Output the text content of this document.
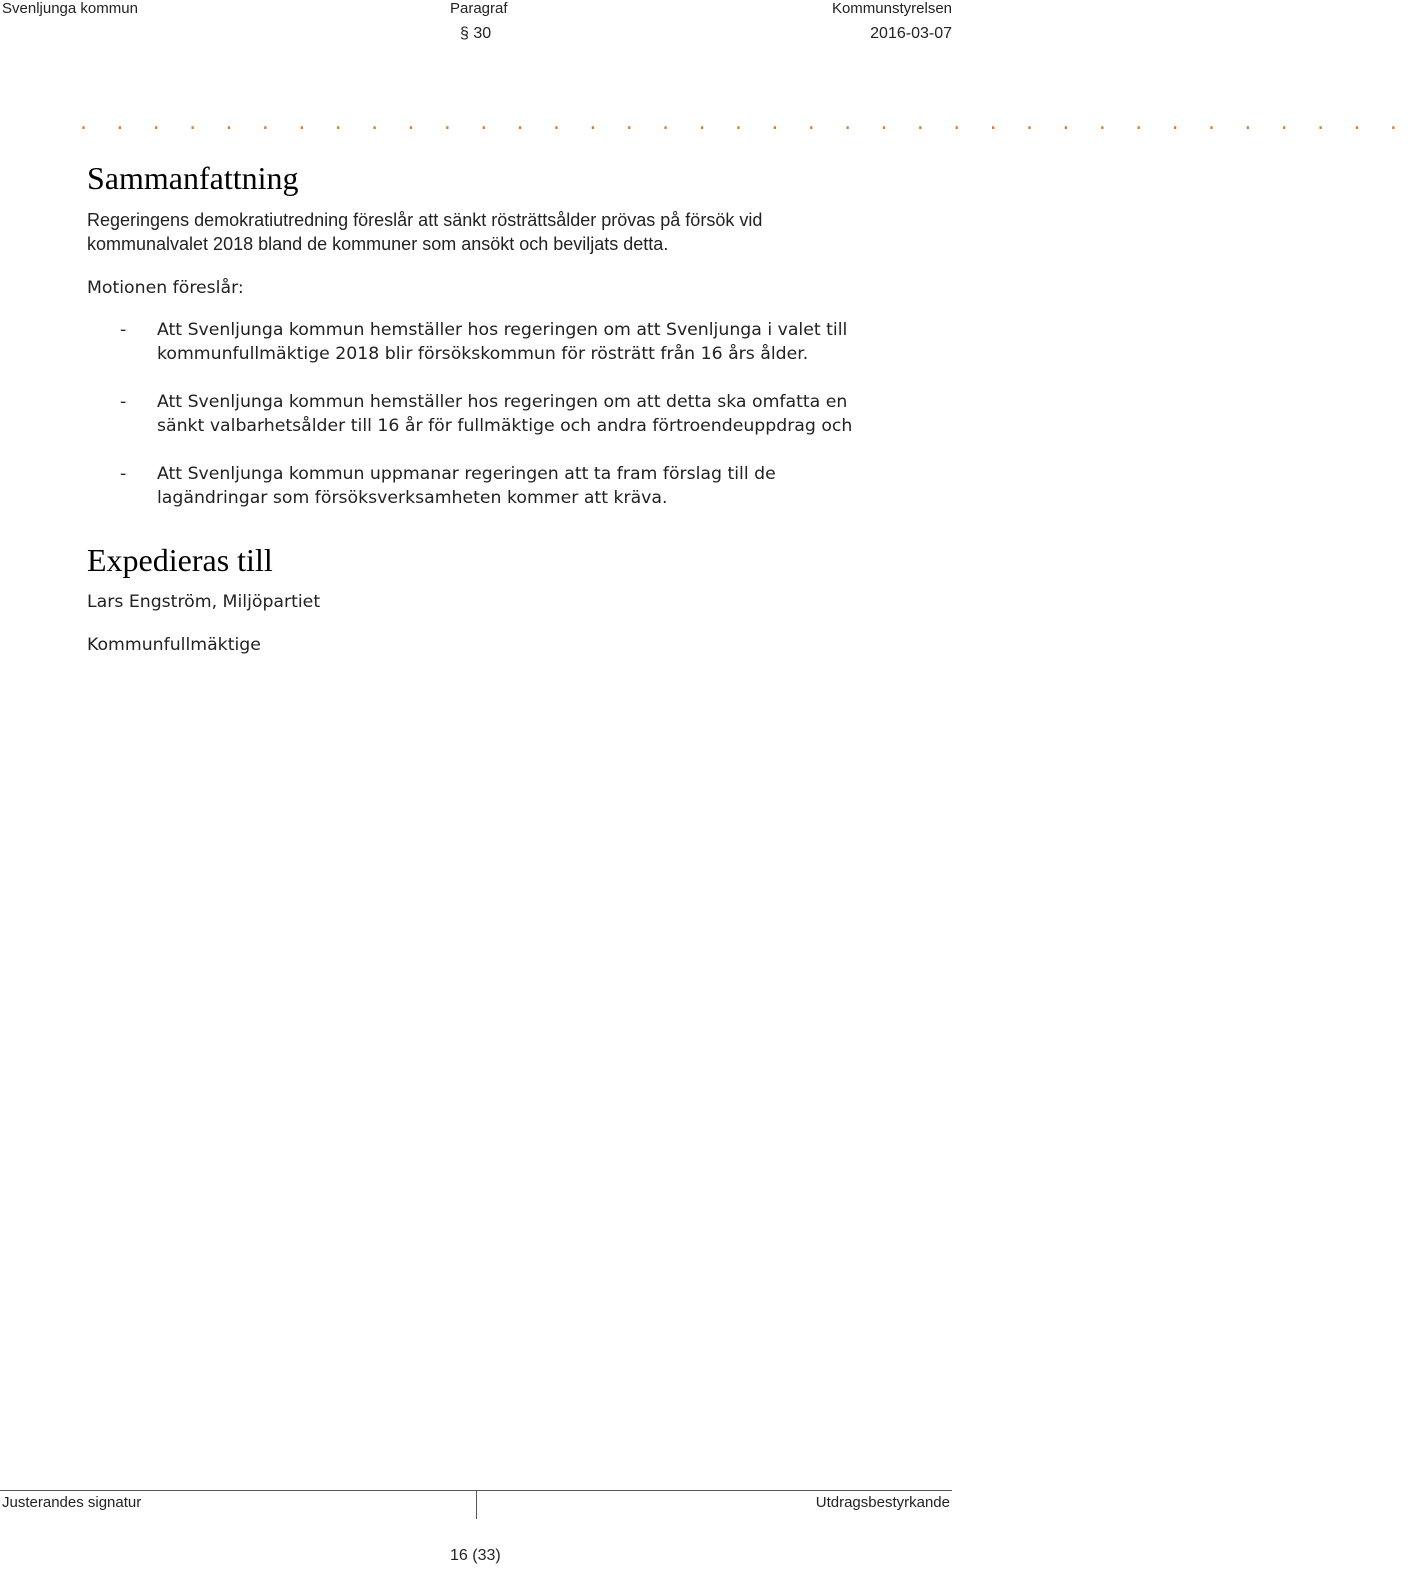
Svenljunga kommun	Paragraf	Kommunstyrelsen
§ 30	2016-03-07
. . . . . . . . . . . . . . . . . . . . . . . . . . . . . . . . . . . . .
Sammanfattning

Regeringens demokratiutredning föreslår att sänkt rösträttsålder prövas på försök vid kommunalvalet 2018 bland de kommuner som ansökt och beviljats detta.

Motionen föreslår:

- Att Svenljunga kommun hemställer hos regeringen om att Svenljunga i valet till kommunfullmäktige 2018 blir försökskommun för rösträtt från 16 års ålder.
- Att Svenljunga kommun hemställer hos regeringen om att detta ska omfatta en sänkt valbarhetsålder till 16 år för fullmäktige och andra förtroendeuppdrag och
- Att Svenljunga kommun uppmanar regeringen att ta fram förslag till de lagändringar som försöksverksamheten kommer att kräva.
Expedieras till

Lars Engström, Miljöpartiet

Kommunfullmäktige

Justerandes signatur	Utdragsbestyrkande
16 (33)
